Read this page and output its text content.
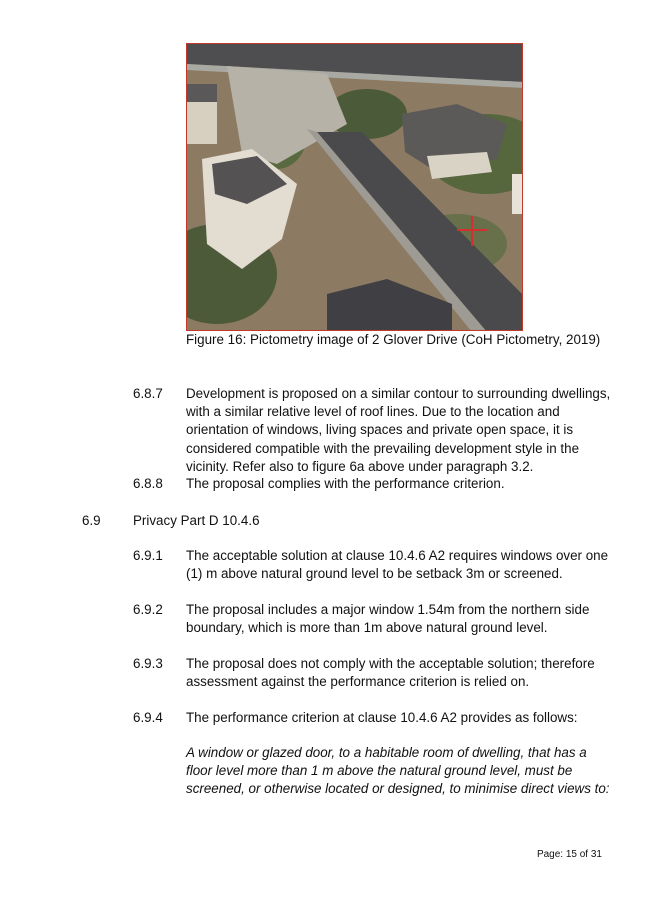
Figure 16: Pictometry image of 2 Glover Drive (CoH Pictometry, 2019)
6.8.7 Development is proposed on a similar contour to surrounding dwellings, with a similar relative level of roof lines. Due to the location and orientation of windows, living spaces and private open space, it is considered compatible with the prevailing development style in the vicinity. Refer also to figure 6a above under paragraph 3.2.
6.8.8 The proposal complies with the performance criterion.
6.9 Privacy Part D 10.4.6
6.9.1 The acceptable solution at clause 10.4.6 A2 requires windows over one (1) m above natural ground level to be setback 3m or screened.
6.9.2 The proposal includes a major window 1.54m from the northern side boundary, which is more than 1m above natural ground level.
6.9.3 The proposal does not comply with the acceptable solution; therefore assessment against the performance criterion is relied on.
6.9.4 The performance criterion at clause 10.4.6 A2 provides as follows:
A window or glazed door, to a habitable room of dwelling, that has a floor level more than 1 m above the natural ground level, must be screened, or otherwise located or designed, to minimise direct views to:
Page: 15 of 31
